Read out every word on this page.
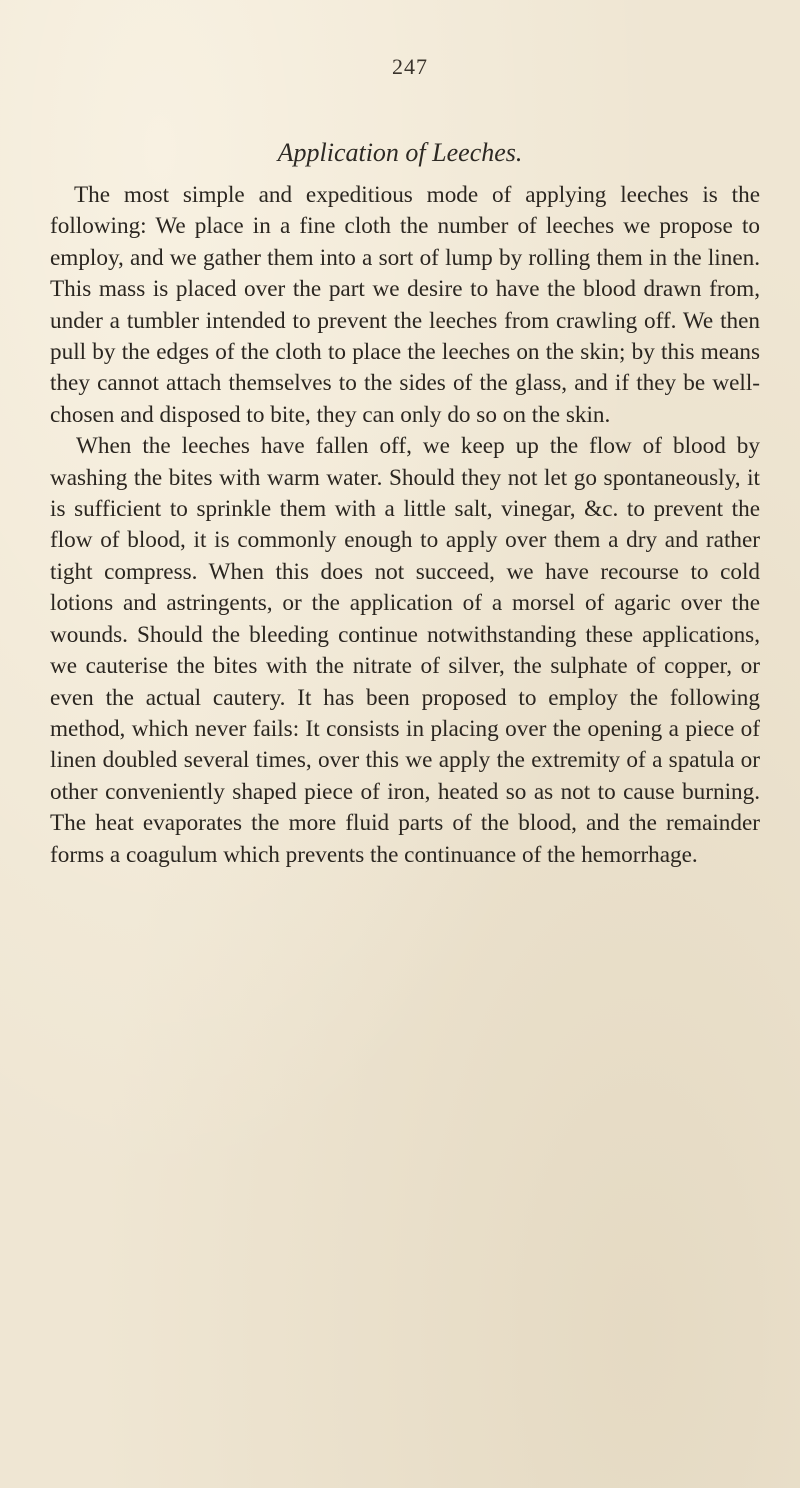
247
Application of Leeches.

The most simple and expeditious mode of applying leeches is the following: We place in a fine cloth the number of leeches we propose to employ, and we gather them into a sort of lump by rolling them in the linen. This mass is placed over the part we desire to have the blood drawn from, under a tumbler intended to prevent the leeches from crawling off. We then pull by the edges of the cloth to place the leeches on the skin; by this means they cannot attach themselves to the sides of the glass, and if they be well-chosen and disposed to bite, they can only do so on the skin.

When the leeches have fallen off, we keep up the flow of blood by washing the bites with warm water. Should they not let go spontaneously, it is sufficient to sprinkle them with a little salt, vinegar, &c. to prevent the flow of blood, it is commonly enough to apply over them a dry and rather tight compress. When this does not succeed, we have recourse to cold lotions and astringents, or the application of a morsel of agaric over the wounds. Should the bleeding continue notwithstanding these applications, we cauterise the bites with the nitrate of silver, the sulphate of copper, or even the actual cautery. It has been proposed to employ the following method, which never fails: It consists in placing over the opening a piece of linen doubled several times, over this we apply the extremity of a spatula or other conveniently shaped piece of iron, heated so as not to cause burning. The heat evaporates the more fluid parts of the blood, and the remainder forms a coagulum which prevents the continuance of the hemorrhage.
